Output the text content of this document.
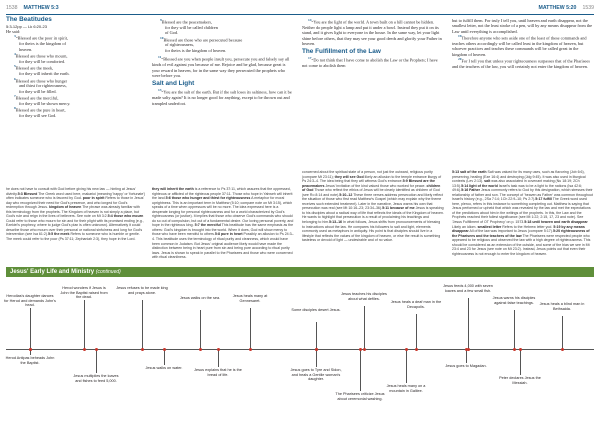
1538 MATTHEW 5:3	MATTHEW 5:20 1539
The Beatitudes
5:3-12pp — Lk 6:20-23
He said:
$^3$“Blessed are the poor in spirit,
for theirs is the kingdom of
heaven.
$^4$Blessed are those who mourn,
for they will be comforted.
$^5$Blessed are the meek,
for they will inherit the earth.
$^6$Blessed are those who hunger
and thirst for righteousness,
for they will be filled.
$^7$Blessed are the merciful,
for they will be shown mercy.
$^8$Blessed are the pure in heart,
for they will see God.
$^9$Blessed are the peacemakers,
for they will be called children
of God.
$^{10}$Blessed are those who are persecuted because
of righteousness,
for theirs is the kingdom of heaven.
$^{11}$“Blessed are you when people insult you, persecute you and falsely say all kinds of evil against you because of me. Rejoice and be glad, because great is your reward in heaven, for in the same way they persecuted the prophets who were before you.
Salt and Light
$^{13}$“You are the salt of the earth. But if the salt loses its saltiness, how can it be made salty again? It is no longer good for anything, except to be thrown out and trampled underfoot.
$^{14}$“You are the light of the world. A town built on a hill cannot be hidden. Neither do people light a lamp and put it under a bowl. Instead they put it on its stand, and it gives light to everyone in the house. In the same way, let your light shine before others, that they may see your good deeds and glorify your Father in heaven.
The Fulfillment of the Law
$^{17}$“Do not think that I have come to abolish the Law or the Prophets; I have not come to abolish them
but to fulfill them. For truly I tell you, until heaven and earth disappear, not the smallest letter, not the least stroke of a pen, will by any means disappear from the Law until everything is accomplished.
$^{19}$Therefore anyone who sets aside one of the least of these commands and teaches others accordingly will be called least in the kingdom of heaven, but whoever practices and teaches these commands will be called great in the kingdom of heaven.
$^{20}$For I tell you that unless your righteousness surpasses that of the Pharisees and the teachers of the law, you will certainly not enter the kingdom of heaven.
he does not have to consult with God before giving his new law — hinting at Jesus' divinity.5:3 Blessed The Greek word used here, makarioi (meaning 'happy' or 'fortunate') often indicates someone who is favored by God. poor in spirit Refers to those in Jesus' day who recognized their need for God's presence, and who longed for God's redemption through Jesus. kingdom of heaven The phrase was already familiar with this terminology from the prophets. The Kingdom of heaven is not simply a place, but God's rule and reign in the lives of believers. See note on Mt 3:2.5:4 those who mourn Could refer to those who mourn for sin and for their plight with its promised ending (e.g., Ezekiel's prophecy, where to judge God's plan is often unknown). Alternatively it could describe those who mourn over their personal or national sinfulness and long for God's intervention (see Isa 61:2).5:5 the meek Refers to someone who is humble or gentle. The meek could refer to the poor (Ps 37:11; Zephaniah 2:3), they hope in the Lord.
they will inherit the earth is a reference to Ps 37:11, which assures that the oppressed, righteous or afflicted of the righteous people 37:11. Those who hope in Yahweh will inherit the land.5:6 those who hunger and thirst for righteousness A metaphor for moral uprightness. This is an important term in Matthew (5:10; compare note on Mt 3:15), which speaks of a time when oppressors will be no more. The idea expressed here is a desperate longing for personal righteousness and for a world characterized by God's righteousness (or justice). It implies that those who observe God's commands who should do so out of compulsion, but out of a fundamental desire. Our loving personal poverty, and hope in the righteous king. 5:7 the merciful This beatitude has the same emphasis as the others: God's kingdom is brought into the world. When it does, God will show mercy to those who have been merciful to others.5:8 pure in heart Possibly an allusion to Ps 24:3–4. This beatitude uses the terminology of ritual purity and cleanness, which would have been common in Judaism. But Jesus' original audience likely would have made the distinction between being in heart pure from sin and being pure according to ritual purity laws. Jesus is shown to speak in parallel to the Pharisees and those who were concerned with ritual cleanliness.
concerned about the spiritual state of a person, not just the outward, religious purity (compare Mt 23:11); they will see God likely an allusion to the temple entrance liturgy of Ps 24:3–4. The idea being that they will witness God's entrance.5:9 Blessed are the peacemakers Jesus' invitation of the kind valued those who worked for peace. children of God Those who reflect the ethics of Jesus will be clearly identified as children of God (see Ro 8:14 and note).5:10–12 These three verses address persecution and likely reflect the situation of those who first read Matthew's Gospel (which may explain why the theme receives such extended treatment). Later in the narrative, Jesus warns his own that persecution was real (see Mt 10:16–23; 23:34–36).5:11 because of me Jesus is speaking to his disciples about a radical way of life that reflects the ideals of the Kingdom of heaven. He wants to highlight that persecution is a result of proclaiming his teachings and belonging to him.5:13–16 In what follows, Jesus shifts from pronouncements of blessing to instructions about the law. He compares his followers to salt and light, elements commonly used as metaphors in antiquity. His point is that disciples should live in a lifestyle that reflects the values of the kingdom of heaven, or else the result is something tasteless or devoid of light — undesirable and of no value.
5:13 salt of the earth Salt was valued for its many uses, such as flavoring (Job 6:6), preserving, healing (Eze 16:4) and destroying (Jdg 9:45). It was also used in liturgical contexts (Lev 2:13). salt was also associated in covenant making (Nu 18:19; 2Ch 13:5).5:14 light of the world Israel's task was to be a light to the nations (Isa 42:6; 49:6).5:16 Father Jesus commonly refers to God by this designation, which stresses their relationship of father and son. The concept of 'heaven as Father' was common throughout Israel's history (e.g., 2Sa 7:14; 1Ch 22:9–10; Ps 2:7).5:17 fulfill The Greek word used here, pleroo, refers in this instance to something completing out. Matthew is saying that Jesus performed or upheld that which was revealed by the law and met the expectations of the predictions about him in the writings of the prophets. In this, the Law and the Prophets reached their fullest significance (see Mt 1:22; 2:15, 17, 23 and note). See 'Jesus Fulfillment of OT Prophecy' on p. 1573.5:18 until heaven and earth disappear Likely an idiom. smallest letter Refers to the Hebrew letter yod. 5:19 by any means disappear All of the law was important to Jesus (compare 5:17).5:20 righteousness of the Pharisees and the teachers of the law The Pharisees were respected people who appeared to be religious and observed the law with a high degree of righteousness. This should be considered as an extension of the outside, and some of the bias we see in Mt 23:4 and 23 for Jesus (see note on Mt 23:2). Instead, Jesus points out that even their righteousness is not enough to enter the kingdom of heaven.
Jesus' Early Life and Ministry (continued)
Herodias's daughter dances for Herod and demands John's head.
Herod wonders if Jesus is John the Baptist raised from the dead.
Jesus refuses to be made king and prays alone.
Jesus walks on the sea.	Jesus heals many at Gennesaret.
Some disciples desert Jesus.
Jesus teaches his disciples about what defiles.
Jesus heals a deaf man in the Decapolis.
Jesus feeds 4,000 with seven loaves and a few small fish.
Jesus warns his disciples against false teachings.	Jesus heals a blind man in Bethsaida.
Herod Antipas beheads John the Baptist.
Jesus multiplies the loaves and fishes to feed 5,000.
Jesus walks on water.	Jesus explains that he is the bread of life.
The Pharisees criticize Jesus about ceremonial washing.
Jesus goes to Tyre and Sidon, and heals a Gentile woman's daughter.
Jesus heals many on a mountain in Galilee.
Jesus goes to Magadan.
Peter declares Jesus the Messiah.
